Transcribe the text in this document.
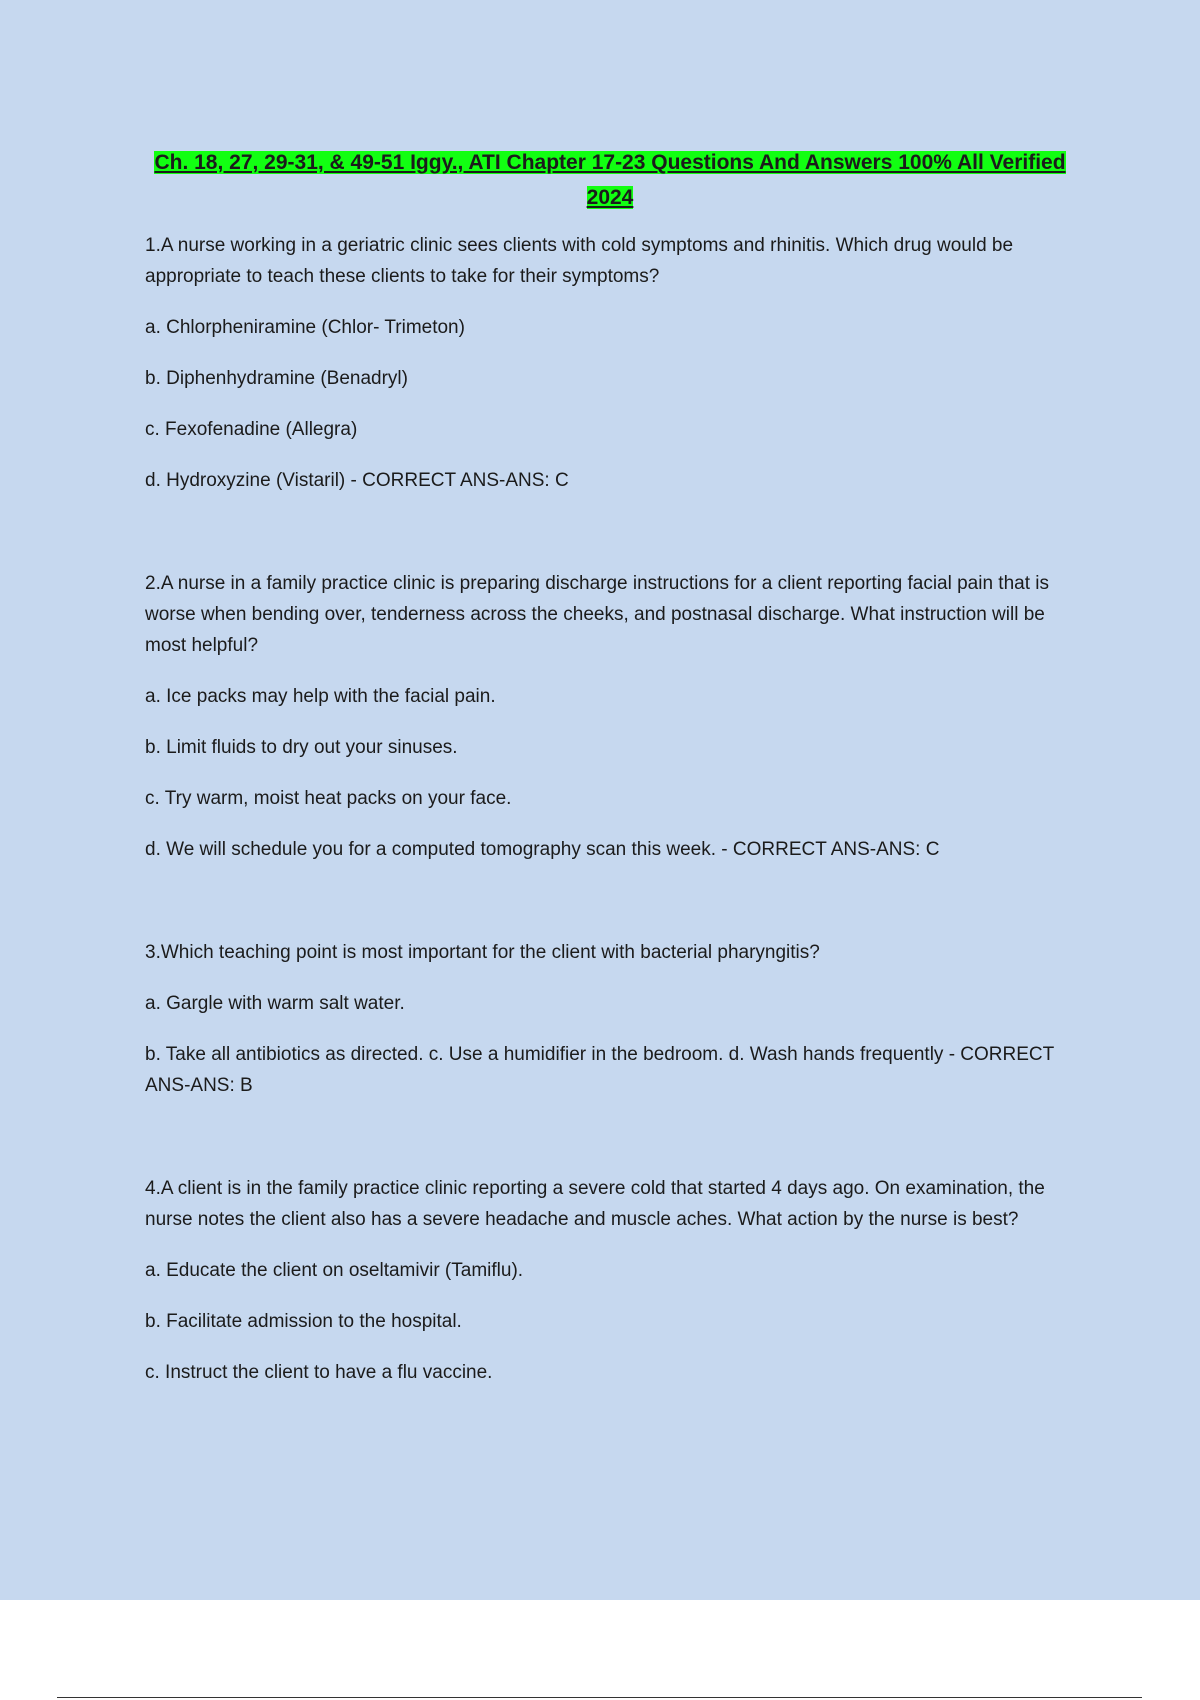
Ch. 18, 27, 29-31, & 49-51 Iggy., ATI Chapter 17-23 Questions And Answers 100% All Verified 2024

1.A nurse working in a geriatric clinic sees clients with cold symptoms and rhinitis. Which drug would be appropriate to teach these clients to take for their symptoms?

a. Chlorpheniramine (Chlor- Trimeton)

b. Diphenhydramine (Benadryl)

c. Fexofenadine (Allegra)

d. Hydroxyzine (Vistaril) - CORRECT ANS-ANS: C

2.A nurse in a family practice clinic is preparing discharge instructions for a client reporting facial pain that is worse when bending over, tenderness across the cheeks, and postnasal discharge. What instruction will be most helpful?

a. Ice packs may help with the facial pain.

b. Limit fluids to dry out your sinuses.

c. Try warm, moist heat packs on your face.

d. We will schedule you for a computed tomography scan this week. - CORRECT ANS-ANS: C

3.Which teaching point is most important for the client with bacterial pharyngitis?

a. Gargle with warm salt water.

b. Take all antibiotics as directed. c. Use a humidifier in the bedroom. d. Wash hands frequently - CORRECT ANS-ANS: B

4.A client is in the family practice clinic reporting a severe cold that started 4 days ago. On examination, the nurse notes the client also has a severe headache and muscle aches. What action by the nurse is best?

a. Educate the client on oseltamivir (Tamiflu).

b. Facilitate admission to the hospital.

c. Instruct the client to have a flu vaccine.
